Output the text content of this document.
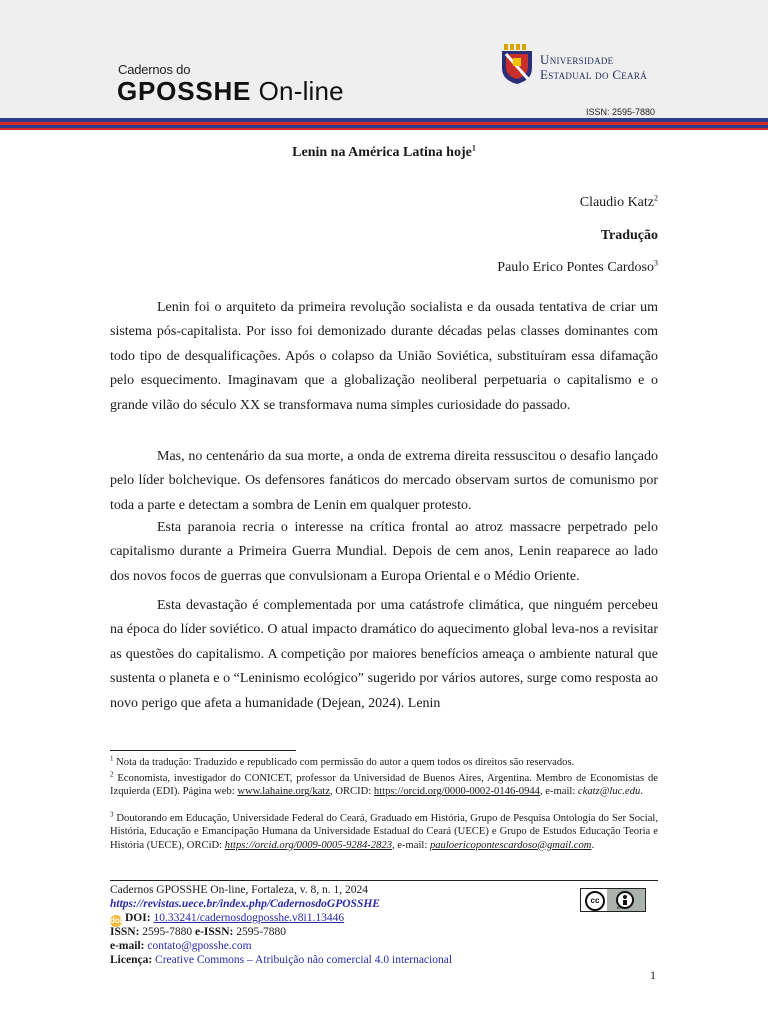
Cadernos do
GPOSSHE On-line
Universidade
Estadual do Ceará
ISSN: 2595-7880
Lenin na América Latina hoje$^1$
Claudio Katz$^2$
Tradução
Paulo Erico Pontes Cardoso$^3$

Lenin foi o arquiteto da primeira revolução socialista e da ousada tentativa de criar um sistema pós-capitalista. Por isso foi demonizado durante décadas pelas classes dominantes com todo tipo de desqualificações. Após o colapso da União Soviética, substituíram essa difamação pelo esquecimento. Imaginavam que a globalização neoliberal perpetuaria o capitalismo e o grande vilão do século XX se transformava numa simples curiosidade do passado.

Mas, no centenário da sua morte, a onda de extrema direita ressuscitou o desafio lançado pelo líder bolchevique. Os defensores fanáticos do mercado observam surtos de comunismo por toda a parte e detectam a sombra de Lenin em qualquer protesto.

Esta paranoia recria o interesse na crítica frontal ao atroz massacre perpetrado pelo capitalismo durante a Primeira Guerra Mundial. Depois de cem anos, Lenin reaparece ao lado dos novos focos de guerras que convulsionam a Europa Oriental e o Médio Oriente.

Esta devastação é complementada por uma catástrofe climática, que ninguém percebeu na época do líder soviético. O atual impacto dramático do aquecimento global leva-nos a revisitar as questões do capitalismo. A competição por maiores benefícios ameaça o ambiente natural que sustenta o planeta e o “Leninismo ecológico” sugerido por vários autores, surge como resposta ao novo perigo que afeta a humanidade (Dejean, 2024). Lenin

$^1$ Nota da tradução: Traduzido e republicado com permissão do autor a quem todos os direitos são reservados.

$^2$ Economista, investigador do CONICET, professor da Universidad de Buenos Aires, Argentina. Membro de Economistas de Izquierda (EDI). Página web: www.lahaine.org/katz, ORCID: https://orcid.org/0000-0002-0146-0944, e-mail: ckatz@luc.edu.

$^3$ Doutorando em Educação, Universidade Federal do Ceará, Graduado em História, Grupo de Pesquisa Ontologia do Ser Social, História, Educação e Emancipação Humana da Universidade Estadual do Ceará (UECE) e Grupo de Estudos Educação Teoria e História (UECE), ORCiD: https://orcid.org/0009-0005-9284-2823, e-mail: pauloericopontescardoso@gmail.com.

Cadernos GPOSSHE On-line, Fortaleza, v. 8, n. 1, 2024
https://revistas.uece.br/index.php/CadernosdoGPOSSHE
doi DOI: 10.33241/cadernosdogposshe.v8i1.13446
ISSN: 2595-7880 e-ISSN: 2595-7880
e-mail: contato@gposshe.com
Licença: Creative Commons – Atribuição não comercial 4.0 internacional
cc
BY
1
